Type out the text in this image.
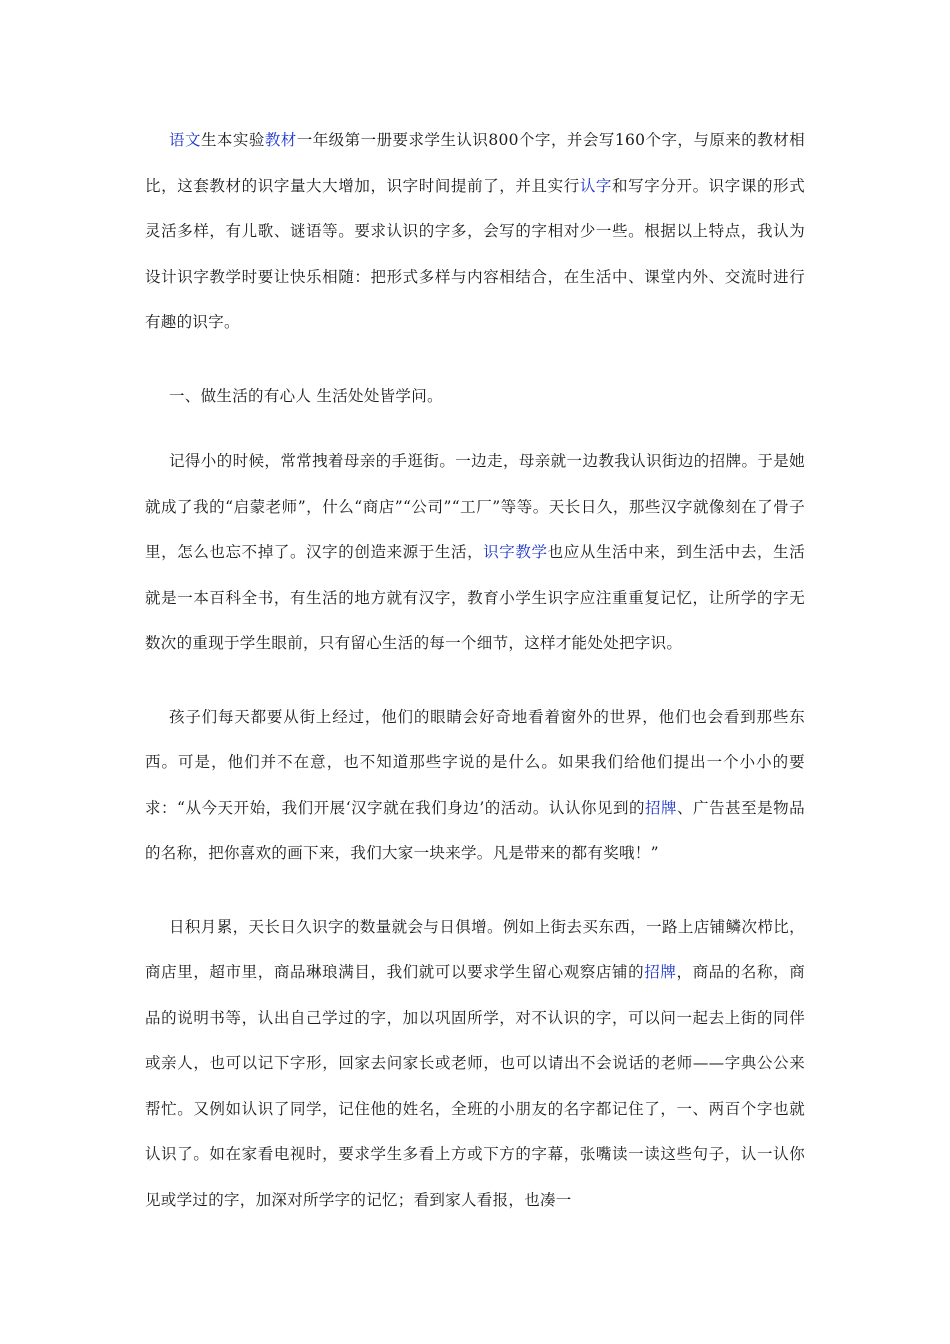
语文生本实验教材一年级第一册要求学生认识800个字，并会写160个字，与原来的教材相比，这套教材的识字量大大增加，识字时间提前了，并且实行认字和写字分开。识字课的形式灵活多样，有儿歌、谜语等。要求认识的字多，会写的字相对少一些。根据以上特点，我认为设计识字教学时要让快乐相随：把形式多样与内容相结合，在生活中、课堂内外、交流时进行有趣的识字。

一、做生活的有心人 生活处处皆学问。

记得小的时候，常常拽着母亲的手逛街。一边走，母亲就一边教我认识街边的招牌。于是她就成了我的“启蒙老师”，什么“商店”“公司”“工厂”等等。天长日久，那些汉字就像刻在了骨子里，怎么也忘不掉了。汉字的创造来源于生活，识字教学也应从生活中来，到生活中去，生活就是一本百科全书，有生活的地方就有汉字，教育小学生识字应注重重复记忆，让所学的字无数次的重现于学生眼前，只有留心生活的每一个细节，这样才能处处把字识。

孩子们每天都要从街上经过，他们的眼睛会好奇地看着窗外的世界，他们也会看到那些东西。可是，他们并不在意，也不知道那些字说的是什么。如果我们给他们提出一个小小的要求：“从今天开始，我们开展‘汉字就在我们身边’的活动。认认你见到的招牌、广告甚至是物品的名称，把你喜欢的画下来，我们大家一块来学。凡是带来的都有奖哦！”

日积月累，天长日久识字的数量就会与日俱增。例如上街去买东西，一路上店铺鳞次栉比，商店里，超市里，商品琳琅满目，我们就可以要求学生留心观察店铺的招牌，商品的名称，商品的说明书等，认出自己学过的字，加以巩固所学，对不认识的字，可以问一起去上街的同伴或亲人，也可以记下字形，回家去问家长或老师，也可以请出不会说话的老师——字典公公来帮忙。又例如认识了同学，记住他的姓名，全班的小朋友的名字都记住了，一、两百个字也就认识了。如在家看电视时，要求学生多看上方或下方的字幕，张嘴读一读这些句子，认一认你见或学过的字，加深对所学字的记忆；看到家人看报，也凑一
